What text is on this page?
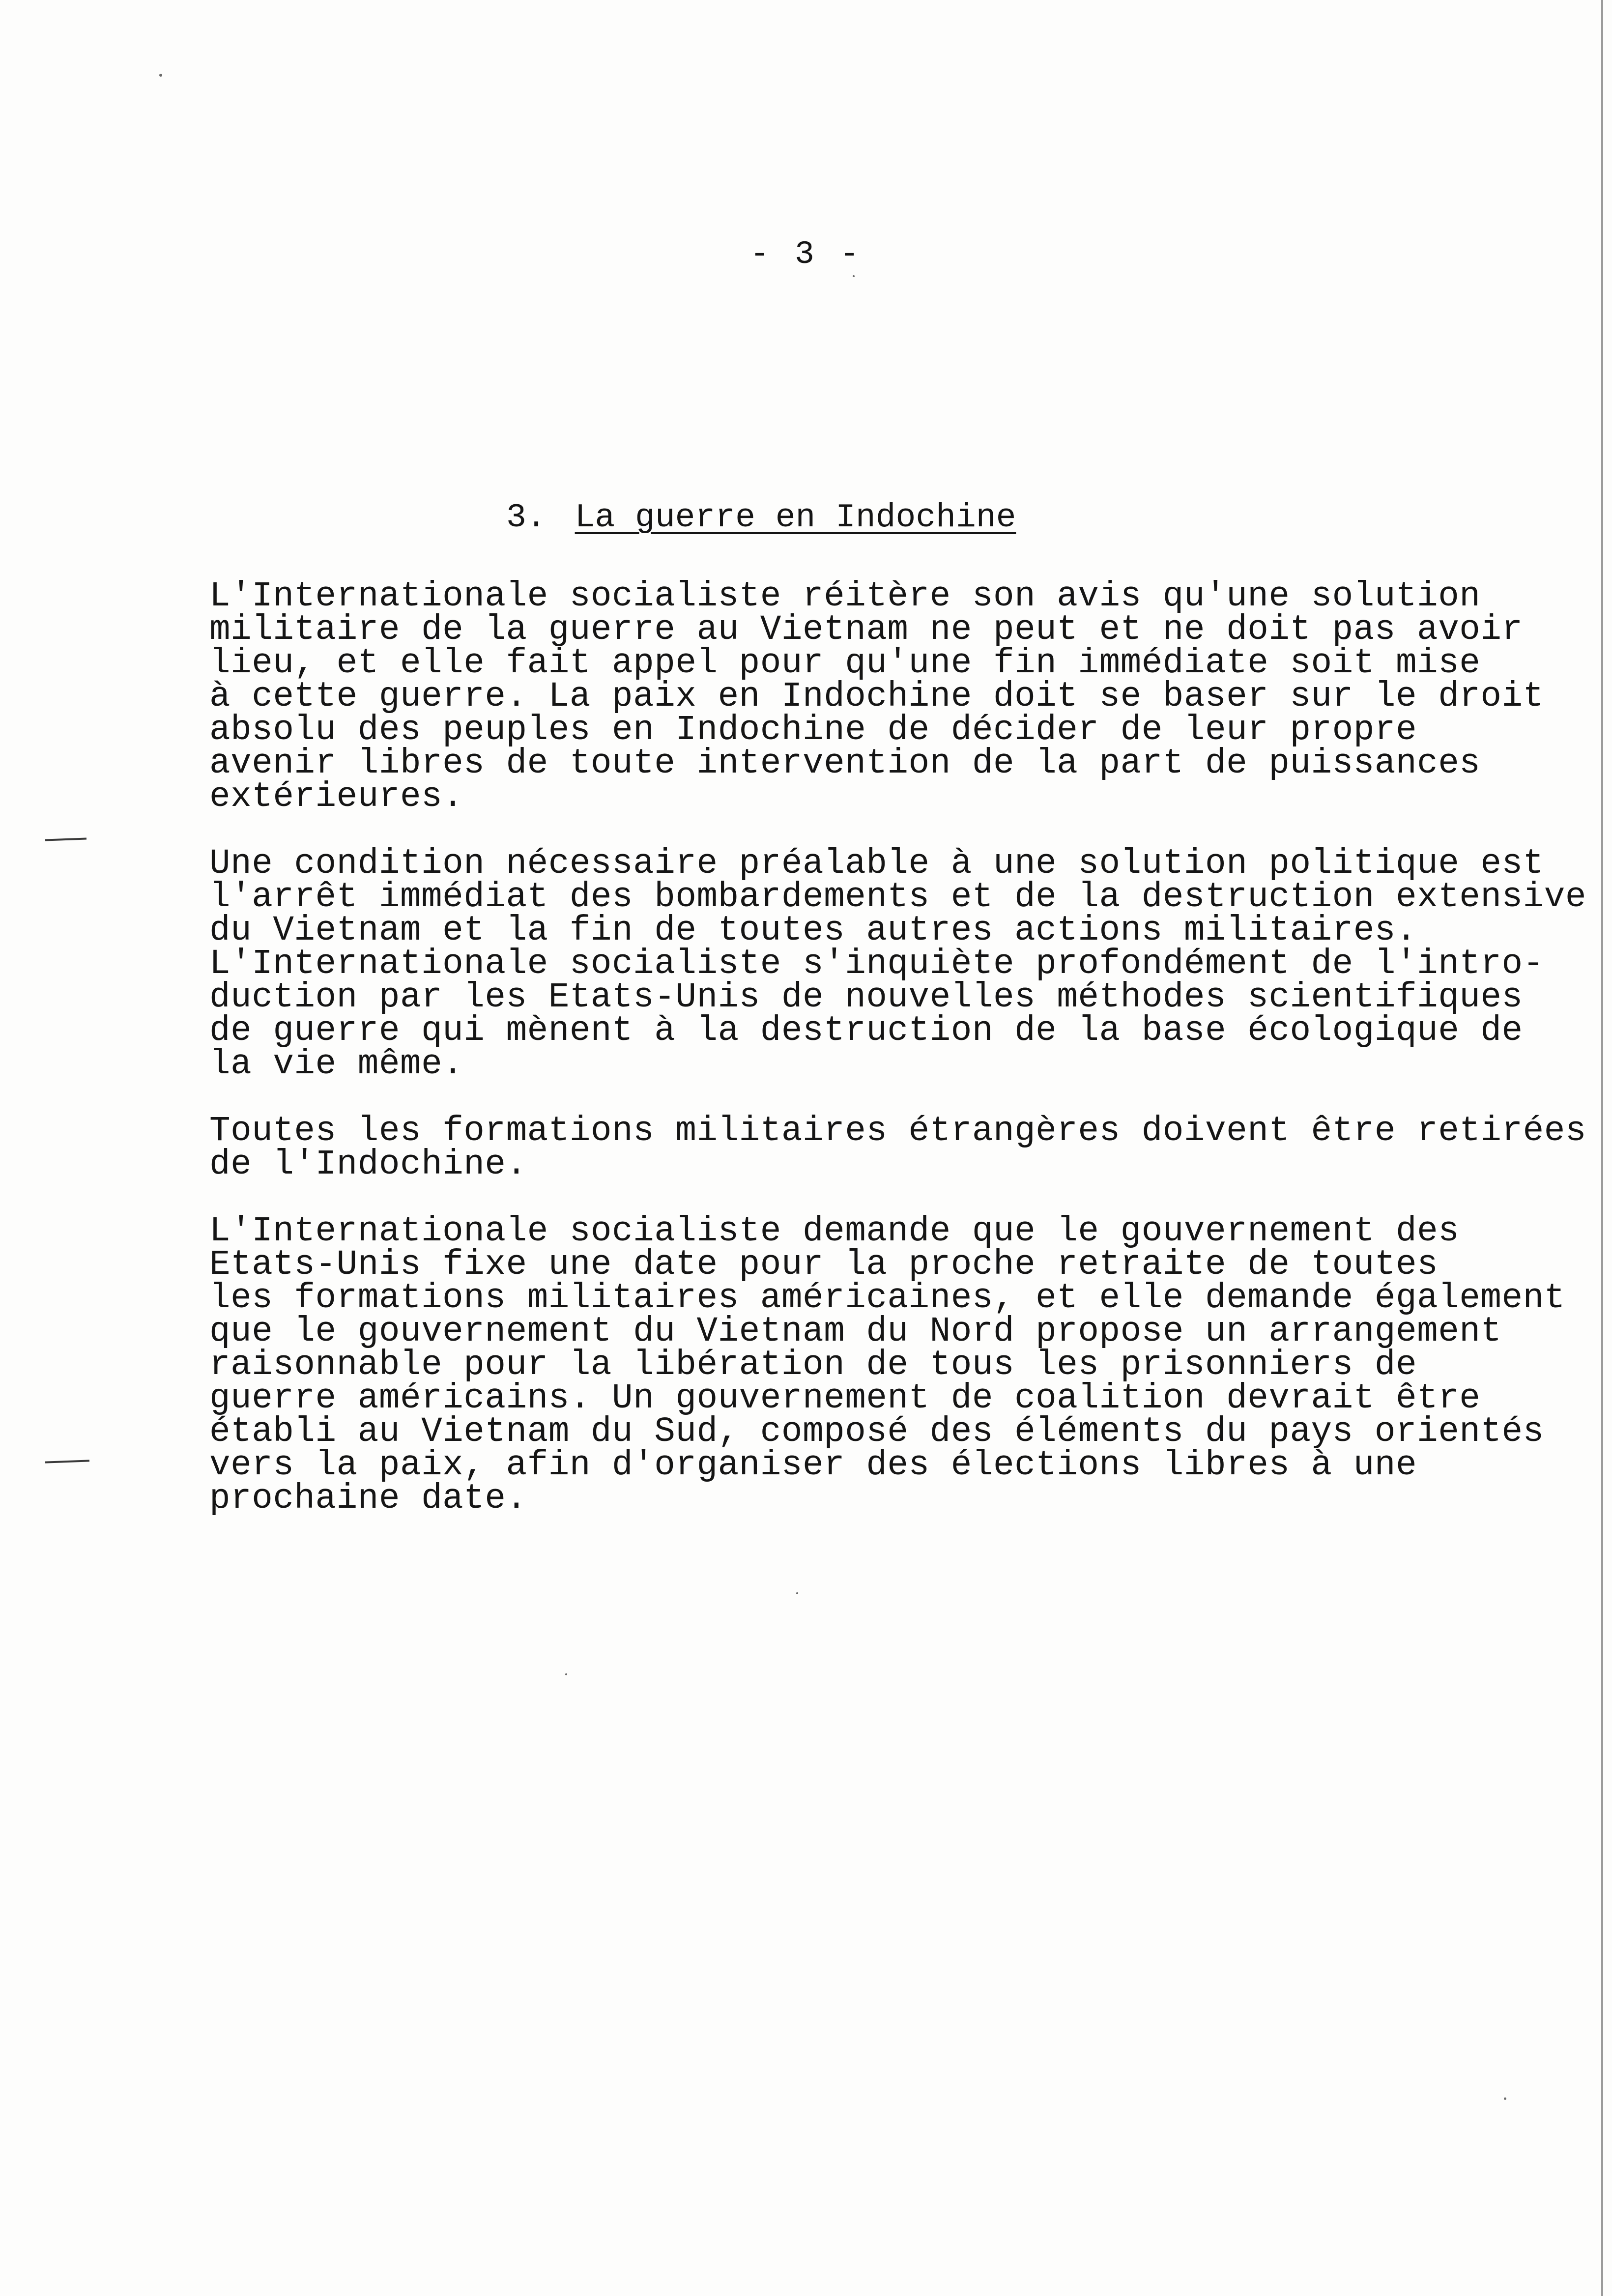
- 3 -
3. La guerre en Indochine
L'Internationale socialiste réitère son avis qu'une solution
militaire de la guerre au Vietnam ne peut et ne doit pas avoir
lieu, et elle fait appel pour qu'une fin immédiate soit mise
à cette guerre. La paix en Indochine doit se baser sur le droit
absolu des peuples en Indochine de décider de leur propre
avenir libres de toute intervention de la part de puissances
extérieures.
Une condition nécessaire préalable à une solution politique est
l'arrêt immédiat des bombardements et de la destruction extensive
du Vietnam et la fin de toutes autres actions militaires.
L'Internationale socialiste s'inquiète profondément de l'intro-
duction par les Etats-Unis de nouvelles méthodes scientifiques
de guerre qui mènent à la destruction de la base écologique de
la vie même.
Toutes les formations militaires étrangères doivent être retirées
de l'Indochine.
L'Internationale socialiste demande que le gouvernement des
Etats-Unis fixe une date pour la proche retraite de toutes
les formations militaires américaines, et elle demande également
que le gouvernement du Vietnam du Nord propose un arrangement
raisonnable pour la libération de tous les prisonniers de
guerre américains. Un gouvernement de coalition devrait être
établi au Vietnam du Sud, composé des éléments du pays orientés
vers la paix, afin d'organiser des élections libres à une
prochaine date.
